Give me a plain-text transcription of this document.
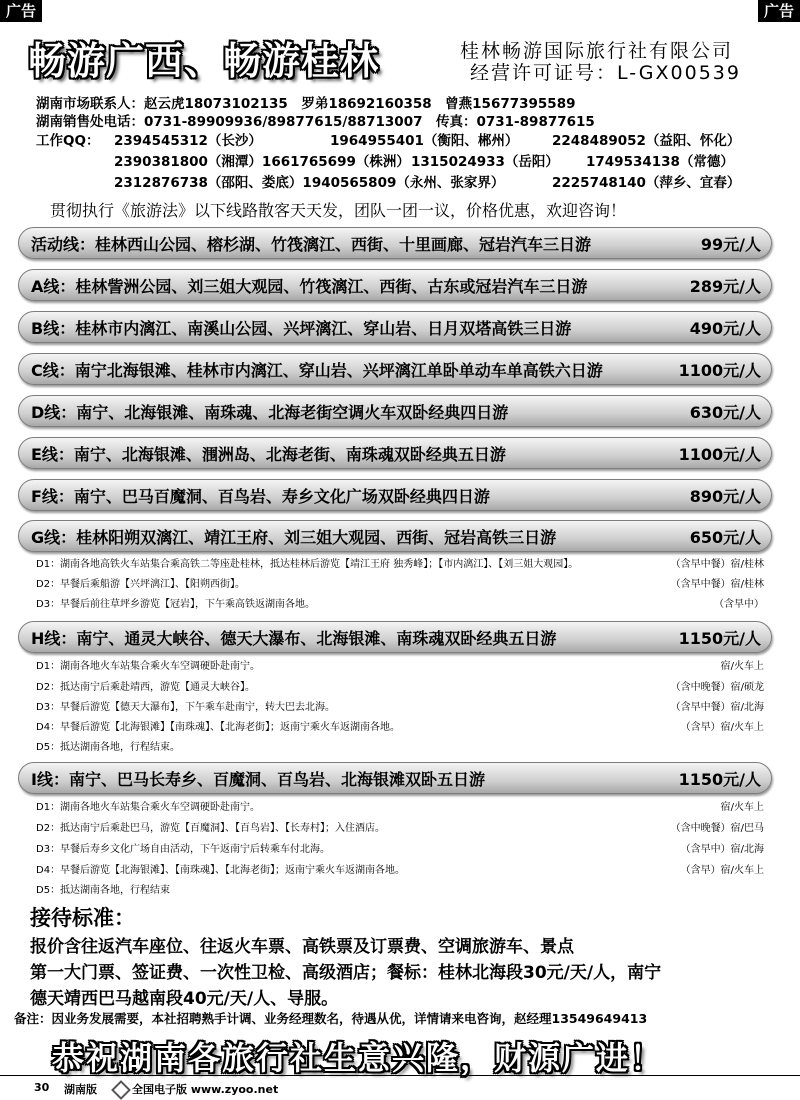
广告	广告
畅游广西、畅游桂林	桂林畅游国际旅行社有限公司
经营许可证号：L-GX00539
湖南市场联系人：赵云虎18073102135　罗弟18692160358　曾燕15677395589
湖南销售处电话：0731-89909936/89877615/88713007　传真：0731-89877615
工作QQ： 2394545312（长沙）	1964955401（衡阳、郴州） 2248489052（益阳、怀化）
2390381800（湘潭）1661765699（株洲） 1315024933（岳阳） 1749534138（常德）
2312876738（邵阳、娄底）1940565809（永州、张家界）	2225748140（萍乡、宜春）
贯彻执行《旅游法》以下线路散客天天发，团队一团一议，价格优惠，欢迎咨询！
活动线：桂林西山公园、榕杉湖、竹筏漓江、西街、十里画廊、冠岩汽车三日游	99元/人
A线：桂林訾洲公园、刘三姐大观园、竹筏漓江、西街、古东或冠岩汽车三日游	289元/人
B线：桂林市内漓江、南溪山公园、兴坪漓江、穿山岩、日月双塔高铁三日游	490元/人
C线：南宁北海银滩、桂林市内漓江、穿山岩、兴坪漓江单卧单动车单高铁六日游	1100元/人
D线：南宁、北海银滩、南珠魂、北海老街空调火车双卧经典四日游	630元/人
E线：南宁、北海银滩、涠洲岛、北海老街、南珠魂双卧经典五日游	1100元/人
F线：南宁、巴马百魔洞、百鸟岩、寿乡文化广场双卧经典四日游	890元/人
G线：桂林阳朔双漓江、靖江王府、刘三姐大观园、西街、冠岩高铁三日游	650元/人
D1：湖南各地高铁火车站集合乘高铁二等座赴桂林，抵达桂林后游览【靖江王府 独秀峰】；【市内漓江】、【刘三姐大观园】。	（含早中餐）宿/桂林
D2：早餐后乘船游【兴坪漓江】、【阳朔西街】。	（含早中餐）宿/桂林
D3：早餐后前往草坪乡游览【冠岩】，下午乘高铁返湖南各地。	（含早中）
H线：南宁、通灵大峡谷、德天大瀑布、北海银滩、南珠魂双卧经典五日游	1150元/人
D1：湖南各地火车站集合乘火车空调硬卧赴南宁。	宿/火车上
D2：抵达南宁后乘赴靖西，游览【通灵大峡谷】。	（含中晚餐）宿/硕龙
D3：早餐后游览【德天大瀑布】，下午乘车赴南宁，转大巴去北海。	（含早中餐）宿/北海
D4：早餐后游览【北海银滩】【南珠魂】、【北海老街】；返南宁乘火车返湖南各地。	（含早）宿/火车上
D5：抵达湖南各地，行程结束。
I线：南宁、巴马长寿乡、百魔洞、百鸟岩、北海银滩双卧五日游	1150元/人
D1：湖南各地火车站集合乘火车空调硬卧赴南宁。	宿/火车上
D2：抵达南宁后乘赴巴马，游览【百魔洞】、【百鸟岩】、【长寿村】；入住酒店。	（含中晚餐）宿/巴马
D3：早餐后寿乡文化广场自由活动，下午返南宁后转乘车付北海。	（含早中）宿/北海
D4：早餐后游览【北海银滩】、【南珠魂】、【北海老街】；返南宁乘火车返湖南各地。	（含早）宿/火车上
D5：抵达湖南各地，行程结束
接待标准：
报价含往返汽车座位、往返火车票、高铁票及订票费、空调旅游车、景点
第一大门票、签证费、一次性卫检、高级酒店；餐标：桂林北海段30元/天/人，南宁
德天靖西巴马越南段40元/天/人、导服。
备注：因业务发展需要，本社招聘熟手计调、业务经理数名，待遇从优，详情请来电咨询，赵经理13549649413
恭祝湖南各旅行社生意兴隆，财源广进！
30 湖南版	全国电子版 www.zyoo.net
